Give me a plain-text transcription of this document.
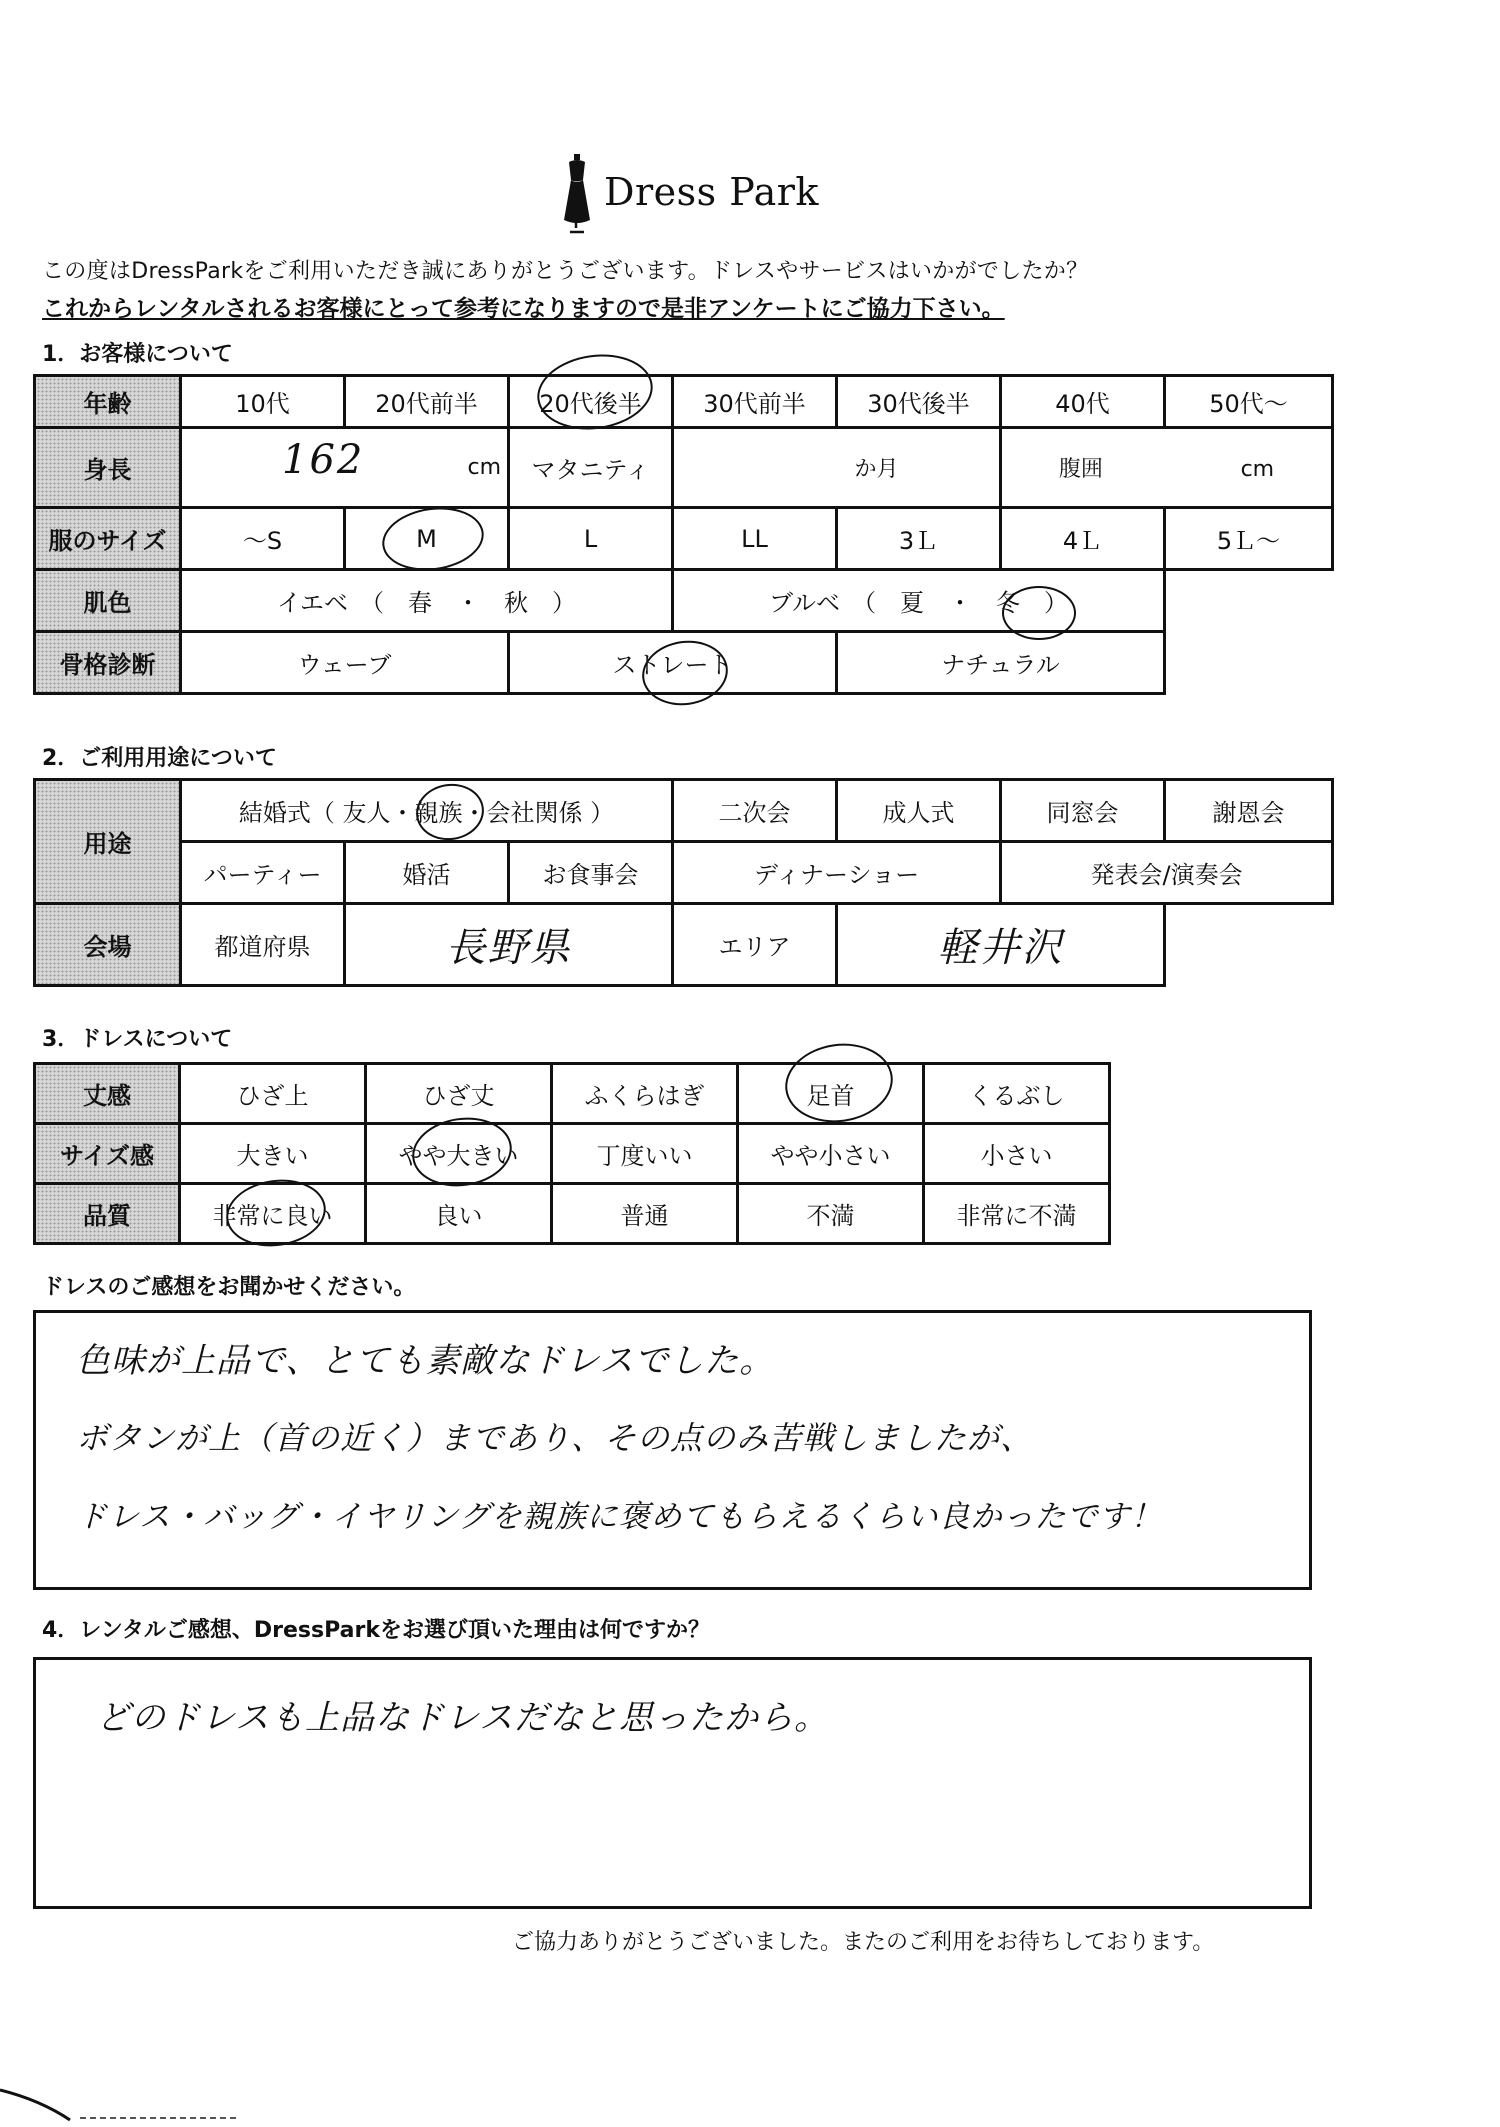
Dress Park
この度はDressParkをご利用いただき誠にありがとうございます。ドレスやサービスはいかがでしたか？
これからレンタルされるお客様にとって参考になりますので是非アンケートにご協力下さい。
1．お客様について
年齢	10代	20代前半	20代後半	30代前半	30代後半	40代	50代～
身長	162 cm		マタニティ	か月		腹囲 cm	
服のサイズ	～S	M	L	LL	3Ｌ	4Ｌ	5Ｌ～
肌色	イエベ　（　春　・　秋　）			ブルベ　（　夏　・　冬　）			
骨格診断	ウェーブ		ストレート		ナチュラル		
2．ご利用用途について
用途	結婚式（ 友人・親族・会社関係 ）			二次会	成人式	同窓会	謝恩会
	パーティー	婚活	お食事会	ディナーショー		発表会/演奏会	
会場	都道府県	長野県		エリア	軽井沢		
3．ドレスについて
丈感	ひざ上	ひざ丈	ふくらはぎ	足首	くるぶし
サイズ感	大きい	やや大きい	丁度いい	やや小さい	小さい
品質	非常に良い	良い	普通	不満	非常に不満
ドレスのご感想をお聞かせください。
色味が上品で、とても素敵なドレスでした。
ボタンが上（首の近く）まであり、その点のみ苦戦しましたが、
ドレス・バッグ・イヤリングを親族に褒めてもらえるくらい良かったです！
4．レンタルご感想、DressParkをお選び頂いた理由は何ですか？
どのドレスも上品なドレスだなと思ったから。
ご協力ありがとうございました。またのご利用をお待ちしております。
